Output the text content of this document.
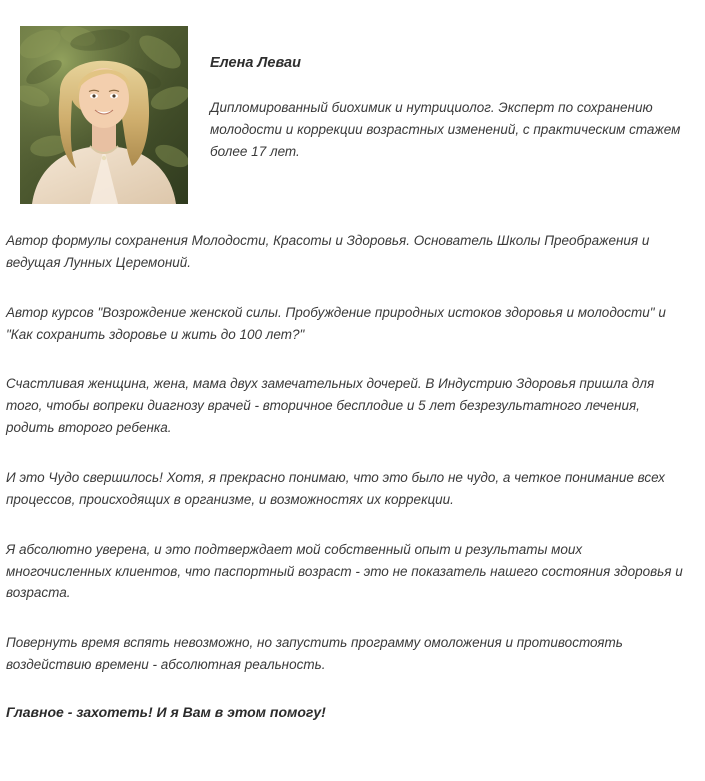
Елена Леваи

Дипломированный биохимик и нутрициолог. Эксперт по сохранению молодости и коррекции возрастных изменений, с практическим стажем более 17 лет.

Автор формулы сохранения Молодости, Красоты и Здоровья. Основатель Школы Преображения и ведущая Лунных Церемоний.

Автор курсов "Возрождение женской силы. Пробуждение природных истоков здоровья и молодости" и "Как сохранить здоровье и жить до 100 лет?"

Счастливая женщина, жена, мама двух замечательных дочерей. В Индустрию Здоровья пришла для того, чтобы вопреки диагнозу врачей - вторичное бесплодие и 5 лет безрезультатного лечения, родить второго ребенка.

И это Чудо свершилось! Хотя, я прекрасно понимаю, что это было не чудо, а четкое понимание всех процессов, происходящих в организме, и возможностях их коррекции.

Я абсолютно уверена, и это подтверждает мой собственный опыт и результаты моих многочисленных клиентов, что паспортный возраст - это не показатель нашего состояния здоровья и возраста.

Повернуть время вспять невозможно, но запустить программу омоложения и противостоять воздействию времени - абсолютная реальность.

Главное - захотеть! И я Вам в этом помогу!
